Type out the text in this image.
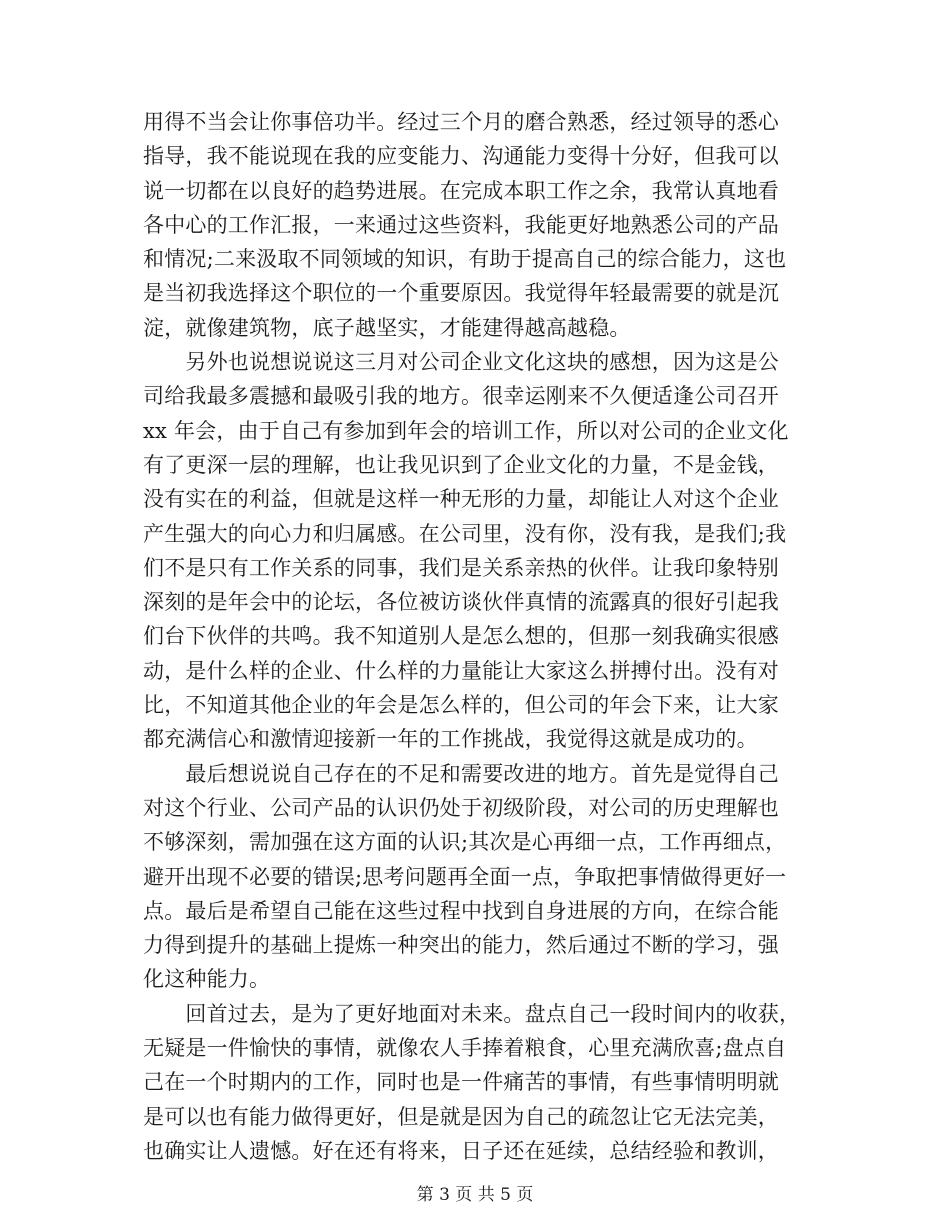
用得不当会让你事倍功半。经过三个月的磨合熟悉，经过领导的悉心
指导，我不能说现在我的应变能力、沟通能力变得十分好，但我可以
说一切都在以良好的趋势进展。在完成本职工作之余，我常认真地看
各中心的工作汇报，一来通过这些资料，我能更好地熟悉公司的产品
和情况;二来汲取不同领域的知识，有助于提高自己的综合能力，这也
是当初我选择这个职位的一个重要原因。我觉得年轻最需要的就是沉
淀，就像建筑物，底子越坚实，才能建得越高越稳。
　　另外也说想说说这三月对公司企业文化这块的感想，因为这是公
司给我最多震撼和最吸引我的地方。很幸运刚来不久便适逢公司召开
xx 年会，由于自己有参加到年会的培训工作，所以对公司的企业文化
有了更深一层的理解，也让我见识到了企业文化的力量，不是金钱，
没有实在的利益，但就是这样一种无形的力量，却能让人对这个企业
产生强大的向心力和归属感。在公司里，没有你，没有我，是我们;我
们不是只有工作关系的同事，我们是关系亲热的伙伴。让我印象特别
深刻的是年会中的论坛，各位被访谈伙伴真情的流露真的很好引起我
们台下伙伴的共鸣。我不知道别人是怎么想的，但那一刻我确实很感
动，是什么样的企业、什么样的力量能让大家这么拼搏付出。没有对
比，不知道其他企业的年会是怎么样的，但公司的年会下来，让大家
都充满信心和激情迎接新一年的工作挑战，我觉得这就是成功的。
　　最后想说说自己存在的不足和需要改进的地方。首先是觉得自己
对这个行业、公司产品的认识仍处于初级阶段，对公司的历史理解也
不够深刻，需加强在这方面的认识;其次是心再细一点，工作再细点，
避开出现不必要的错误;思考问题再全面一点，争取把事情做得更好一
点。最后是希望自己能在这些过程中找到自身进展的方向，在综合能
力得到提升的基础上提炼一种突出的能力，然后通过不断的学习，强
化这种能力。
　　回首过去，是为了更好地面对未来。盘点自己一段时间内的收获，
无疑是一件愉快的事情，就像农人手捧着粮食，心里充满欣喜;盘点自
己在一个时期内的工作，同时也是一件痛苦的事情，有些事情明明就
是可以也有能力做得更好，但是就是因为自己的疏忽让它无法完美，
也确实让人遗憾。好在还有将来，日子还在延续，总结经验和教训，
第 3 页 共 5 页
